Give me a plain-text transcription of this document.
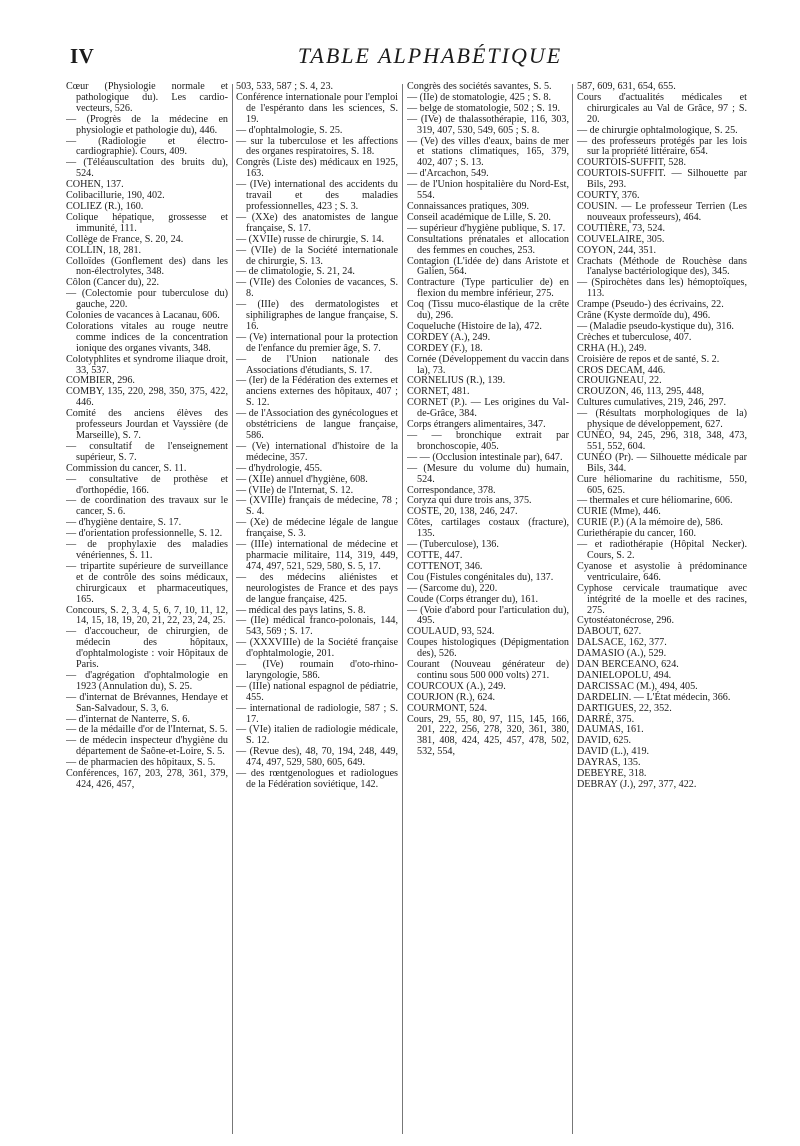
IV	TABLE ALPHABÉTIQUE

Cœur (Physiologie normale et pathologique du). Les cardio-vecteurs, 526.

— (Progrès de la médecine en physiologie et pathologie du), 446.

— (Radiologie et électro-cardiographie). Cours, 409.

— (Téléauscultation des bruits du), 524.

COHEN, 137.

Colibacillurie, 190, 402.

COLIEZ (R.), 160.

Colique hépatique, grossesse et immunité, 111.

Collège de France, S. 20, 24.

COLLIN, 18, 281.

Colloïdes (Gonflement des) dans les non-électrolytes, 348.

Côlon (Cancer du), 22.

— (Colectomie pour tuberculose du) gauche, 220.

Colonies de vacances à Lacanau, 606.

Colorations vitales au rouge neutre comme indices de la concentration ionique des organes vivants, 348.

Colotyphlites et syndrome iliaque droit, 33, 537.

COMBIER, 296.

COMBY, 135, 220, 298, 350, 375, 422, 446.

Comité des anciens élèves des professeurs Jourdan et Vayssière (de Marseille), S. 7.

— consultatif de l'enseignement supérieur, S. 7.

Commission du cancer, S. 11.

— consultative de prothèse et d'orthopédie, 166.

— de coordination des travaux sur le cancer, S. 6.

— d'hygiène dentaire, S. 17.

— d'orientation professionnelle, S. 12.

— de prophylaxie des maladies vénériennes, S. 11.

— tripartite supérieure de surveillance et de contrôle des soins médicaux, chirurgicaux et pharmaceutiques, 165.

Concours, S. 2, 3, 4, 5, 6, 7, 10, 11, 12, 14, 15, 18, 19, 20, 21, 22, 23, 24, 25.

— d'accoucheur, de chirurgien, de médecin des hôpitaux, d'ophtalmologiste : voir Hôpitaux de Paris.

— d'agrégation d'ophtalmologie en 1923 (Annulation du), S. 25.

— d'internat de Brévannes, Hendaye et San-Salvadour, S. 3, 6.

— d'internat de Nanterre, S. 6.

— de la médaille d'or de l'Internat, S. 5.

— de médecin inspecteur d'hygiène du département de Saône-et-Loire, S. 5.

— de pharmacien des hôpitaux, S. 5.

Conférences, 167, 203, 278, 361, 379, 424, 426, 457,

503, 533, 587 ; S. 4, 23.

Conférence internationale pour l'emploi de l'espéranto dans les sciences, S. 19.

— d'ophtalmologie, S. 25.

— sur la tuberculose et les affections des organes respiratoires, S. 18.

Congrès (Liste des) médicaux en 1925, 163.

— (IVe) international des accidents du travail et des maladies professionnelles, 423 ; S. 3.

— (XXe) des anatomistes de langue française, S. 17.

— (XVIIe) russe de chirurgie, S. 14.

— (VIIe) de la Société internationale de chirurgie, S. 13.

— de climatologie, S. 21, 24.

— (VIIe) des Colonies de vacances, S. 8.

— (IIIe) des dermatologistes et siphiligraphes de langue française, S. 16.

— (Ve) international pour la protection de l'enfance du premier âge, S. 7.

— de l'Union nationale des Associations d'étudiants, S. 17.

— (Ier) de la Fédération des externes et anciens externes des hôpitaux, 407 ; S. 12.

— de l'Association des gynécologues et obstétriciens de langue française, 586.

— (Ve) international d'histoire de la médecine, 357.

— d'hydrologie, 455.

— (XIIe) annuel d'hygiène, 608.

— (VIIe) de l'Internat, S. 12.

— (XVIIIe) français de médecine, 78 ; S. 4.

— (Xe) de médecine légale de langue française, S. 3.

— (IIIe) international de médecine et pharmacie militaire, 114, 319, 449, 474, 497, 521, 529, 580, S. 5, 17.

— des médecins aliénistes et neurologistes de France et des pays de langue française, 425.

— médical des pays latins, S. 8.

— (IIe) médical franco-polonais, 144, 543, 569 ; S. 17.

— (XXXVIIIe) de la Société française d'ophtalmologie, 201.

— (IVe) roumain d'oto-rhino-laryngologie, 586.

— (IIIe) national espagnol de pédiatrie, 455.

— international de radiologie, 587 ; S. 17.

— (VIe) italien de radiologie médicale, S. 12.

— (Revue des), 48, 70, 194, 248, 449, 474, 497, 529, 580, 605, 649.

— des rœntgenologues et radiologues de la Fédération soviétique, 142.

Congrès des sociétés savantes, S. 5.

— (IIe) de stomatologie, 425 ; S. 8.

— belge de stomatologie, 502 ; S. 19.

— (IVe) de thalassothérapie, 116, 303, 319, 407, 530, 549, 605 ; S. 8.

— (Ve) des villes d'eaux, bains de mer et stations climatiques, 165, 379, 402, 407 ; S. 13.

— d'Arcachon, 549.

— de l'Union hospitalière du Nord-Est, 554.

Connaissances pratiques, 309.

Conseil académique de Lille, S. 20.

— supérieur d'hygiène publique, S. 17.

Consultations prénatales et allocation des femmes en couches, 253.

Contagion (L'idée de) dans Aristote et Galien, 564.

Contracture (Type particulier de) en flexion du membre inférieur, 275.

Coq (Tissu muco-élastique de la crête du), 296.

Coqueluche (Histoire de la), 472.

CORDEY (A.), 249.

CORDEY (F.), 18.

Cornée (Développement du vaccin dans la), 73.

CORNELIUS (R.), 139.

CORNET, 481.

CORNET (P.). — Les origines du Val-de-Grâce, 384.

Corps étrangers alimentaires, 347.

— — bronchique extrait par bronchoscopie, 405.

— — (Occlusion intestinale par), 647.

— (Mesure du volume du) humain, 524.

Correspondance, 378.

Coryza qui dure trois ans, 375.

COSTE, 20, 138, 246, 247.

Côtes, cartilages costaux (fracture), 135.

— (Tuberculose), 136.

COTTE, 447.

COTTENOT, 346.

Cou (Fistules congénitales du), 137.

— (Sarcome du), 220.

Coude (Corps étranger du), 161.

— (Voie d'abord pour l'articulation du), 495.

COULAUD, 93, 524.

Coupes histologiques (Dépigmentation des), 526.

Courant (Nouveau générateur de) continu sous 500 000 volts) 271.

COURCOUX (A.), 249.

COURJON (R.), 624.

COURMONT, 524.

Cours, 29, 55, 80, 97, 115, 145, 166, 201, 222, 256, 278, 320, 361, 380, 381, 408, 424, 425, 457, 478, 502, 532, 554,

587, 609, 631, 654, 655.

Cours d'actualités médicales et chirurgicales au Val de Grâce, 97 ; S. 20.

— de chirurgie ophtalmologique, S. 25.

— des professeurs protégés par les lois sur la propriété littéraire, 654.

COURTOIS-SUFFIT, 528.

COURTOIS-SUFFIT. — Silhouette par Bils, 293.

COURTY, 376.

COUSIN. — Le professeur Terrien (Les nouveaux professeurs), 464.

COUTIÈRE, 73, 524.

COUVELAIRE, 305.

COYON, 244, 351.

Crachats (Méthode de Rouchèse dans l'analyse bactériologique des), 345.

— (Spirochètes dans les) hémoptoïques, 113.

Crampe (Pseudo-) des écrivains, 22.

Crâne (Kyste dermoïde du), 496.

— (Maladie pseudo-kystique du), 316.

Crèches et tuberculose, 407.

CRHA (H.), 249.

Croisière de repos et de santé, S. 2.

CROS DECAM, 446.

CROUIGNEAU, 22.

CROUZON, 46, 113, 295, 448,

Cultures cumulatives, 219, 246, 297.

— (Résultats morphologiques de la) physique de développement, 627.

CUNÉO, 94, 245, 296, 318, 348, 473, 551, 552, 604.

CUNÉO (Pr). — Silhouette médicale par Bils, 344.

Cure héliomarine du rachitisme, 550, 605, 625.

— thermales et cure héliomarine, 606.

CURIE (Mme), 446.

CURIE (P.) (A la mémoire de), 586.

Curiethérapie du cancer, 160.

— et radiothérapie (Hôpital Necker). Cours, S. 2.

Cyanose et asystolie à prédominance ventriculaire, 646.

Cyphose cervicale traumatique avec intégrité de la moelle et des racines, 275.

Cytostéatonécrose, 296.

DABOUT, 627.

DALSACE, 162, 377.

DAMASIO (A.), 529.

DAN BERCEANO, 624.

DANIELOPOLU, 494.

DARCISSAC (M.), 494, 405.

DARDELIN. — L'État médecin, 366.

DARTIGUES, 22, 352.

DARRÉ, 375.

DAUMAS, 161.

DAVID, 625.

DAVID (L.), 419.

DAYRAS, 135.

DEBEYRE, 318.

DEBRAY (J.), 297, 377, 422.
